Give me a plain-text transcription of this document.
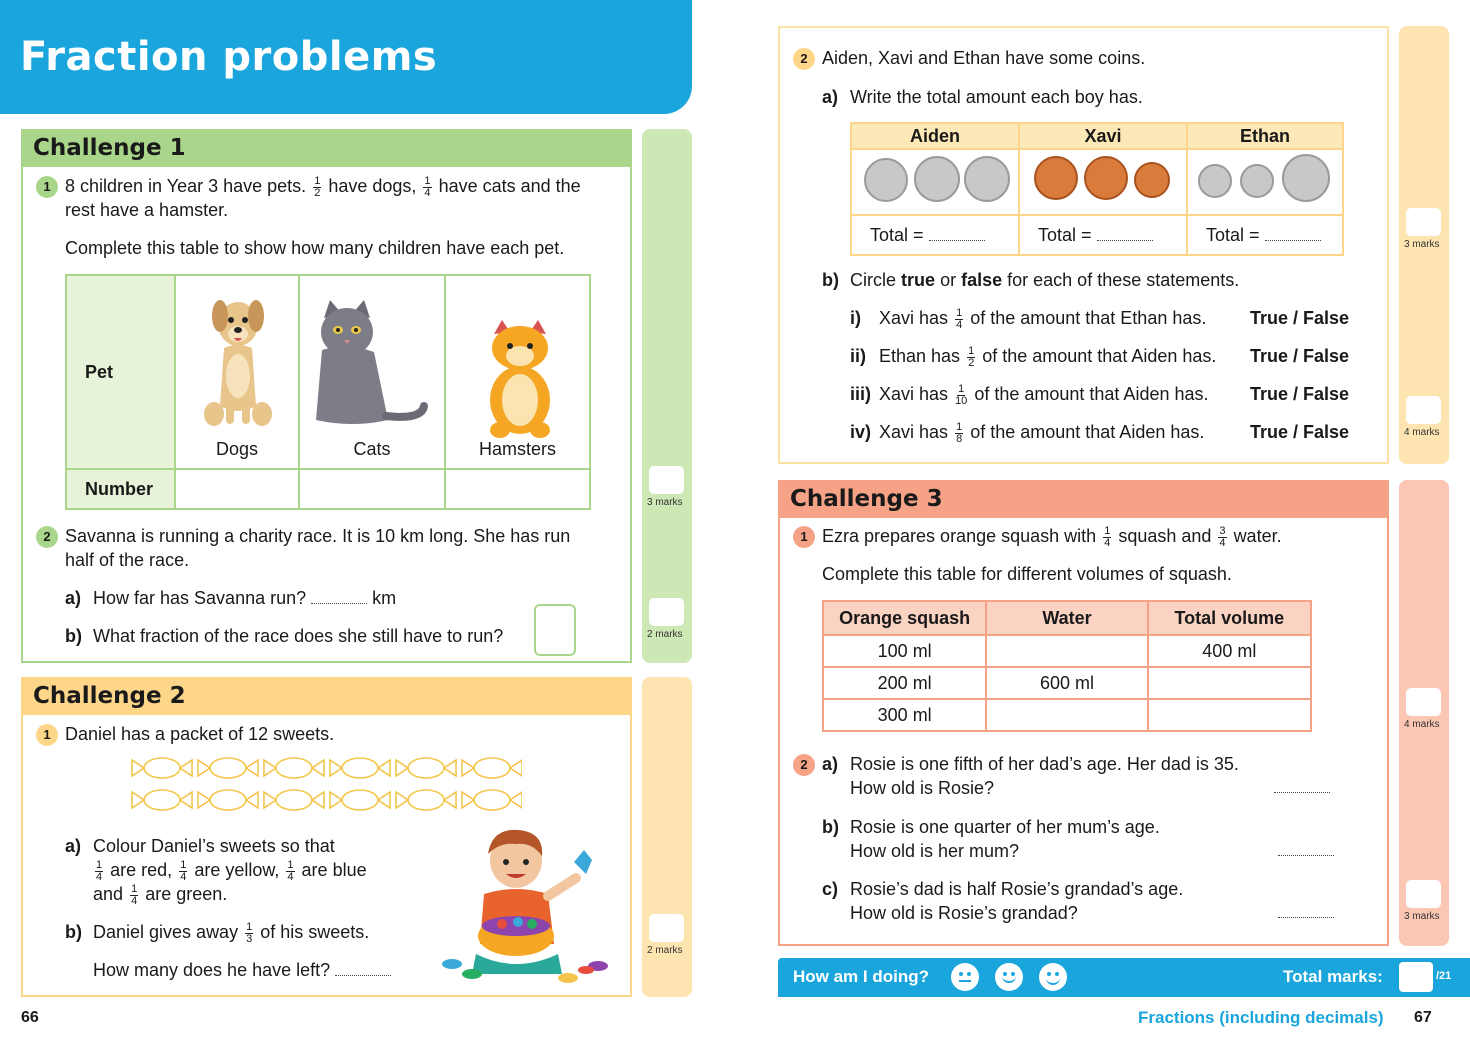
Fraction problems
Challenge 1
1 8 children in Year 3 have pets. $\frac{1}{2}$ have dogs, $\frac{1}{4}$ have cats and the
rest have a hamster.
Complete this table to show how many children have each pet.
Pet	Dogs	Cats	Hamsters
Number			
2 Savanna is running a charity race. It is 10 km long. She has run
half of the race.
a) How far has Savanna run?	km
b) What fraction of the race does she still have to run?
3 marks
2 marks
Challenge 2
1 Daniel has a packet of 12 sweets.
a) Colour Daniel’s sweets so that
$\frac{1}{4}$ are red, $\frac{1}{4}$ are yellow, $\frac{1}{4}$ are blue
and $\frac{1}{4}$ are green.
b) Daniel gives away $\frac{1}{3}$ of his sweets.
How many does he have left?
2 marks
66
2 Aiden, Xavi and Ethan have some coins.
a) Write the total amount each boy has.
Aiden	Xavi	Ethan

Total =	Total =	Total =
b) Circle true or false for each of these statements.
i) Xavi has $\frac{1}{4}$ of the amount that Ethan has. True / False
ii) Ethan has $\frac{1}{2}$ of the amount that Aiden has. True / False
iii) Xavi has $\frac{1}{10}$ of the amount that Aiden has. True / False
iv) Xavi has $\frac{1}{8}$ of the amount that Aiden has.	True / False
3 marks
4 marks
Challenge 3
1 Ezra prepares orange squash with $\frac{1}{4}$ squash and $\frac{3}{4}$ water.
Complete this table for different volumes of squash.
Orange squash	Water	Total volume
100 ml		400 ml
200 ml	600 ml	
300 ml		
2 a) Rosie is one fifth of her dad’s age. Her dad is 35.
How old is Rosie?
b) Rosie is one quarter of her mum’s age.
How old is her mum?
c) Rosie’s dad is half Rosie’s grandad’s age.
How old is Rosie’s grandad?
4 marks
3 marks
How am I doing?	Total marks:	/21
Fractions (including decimals) 67
